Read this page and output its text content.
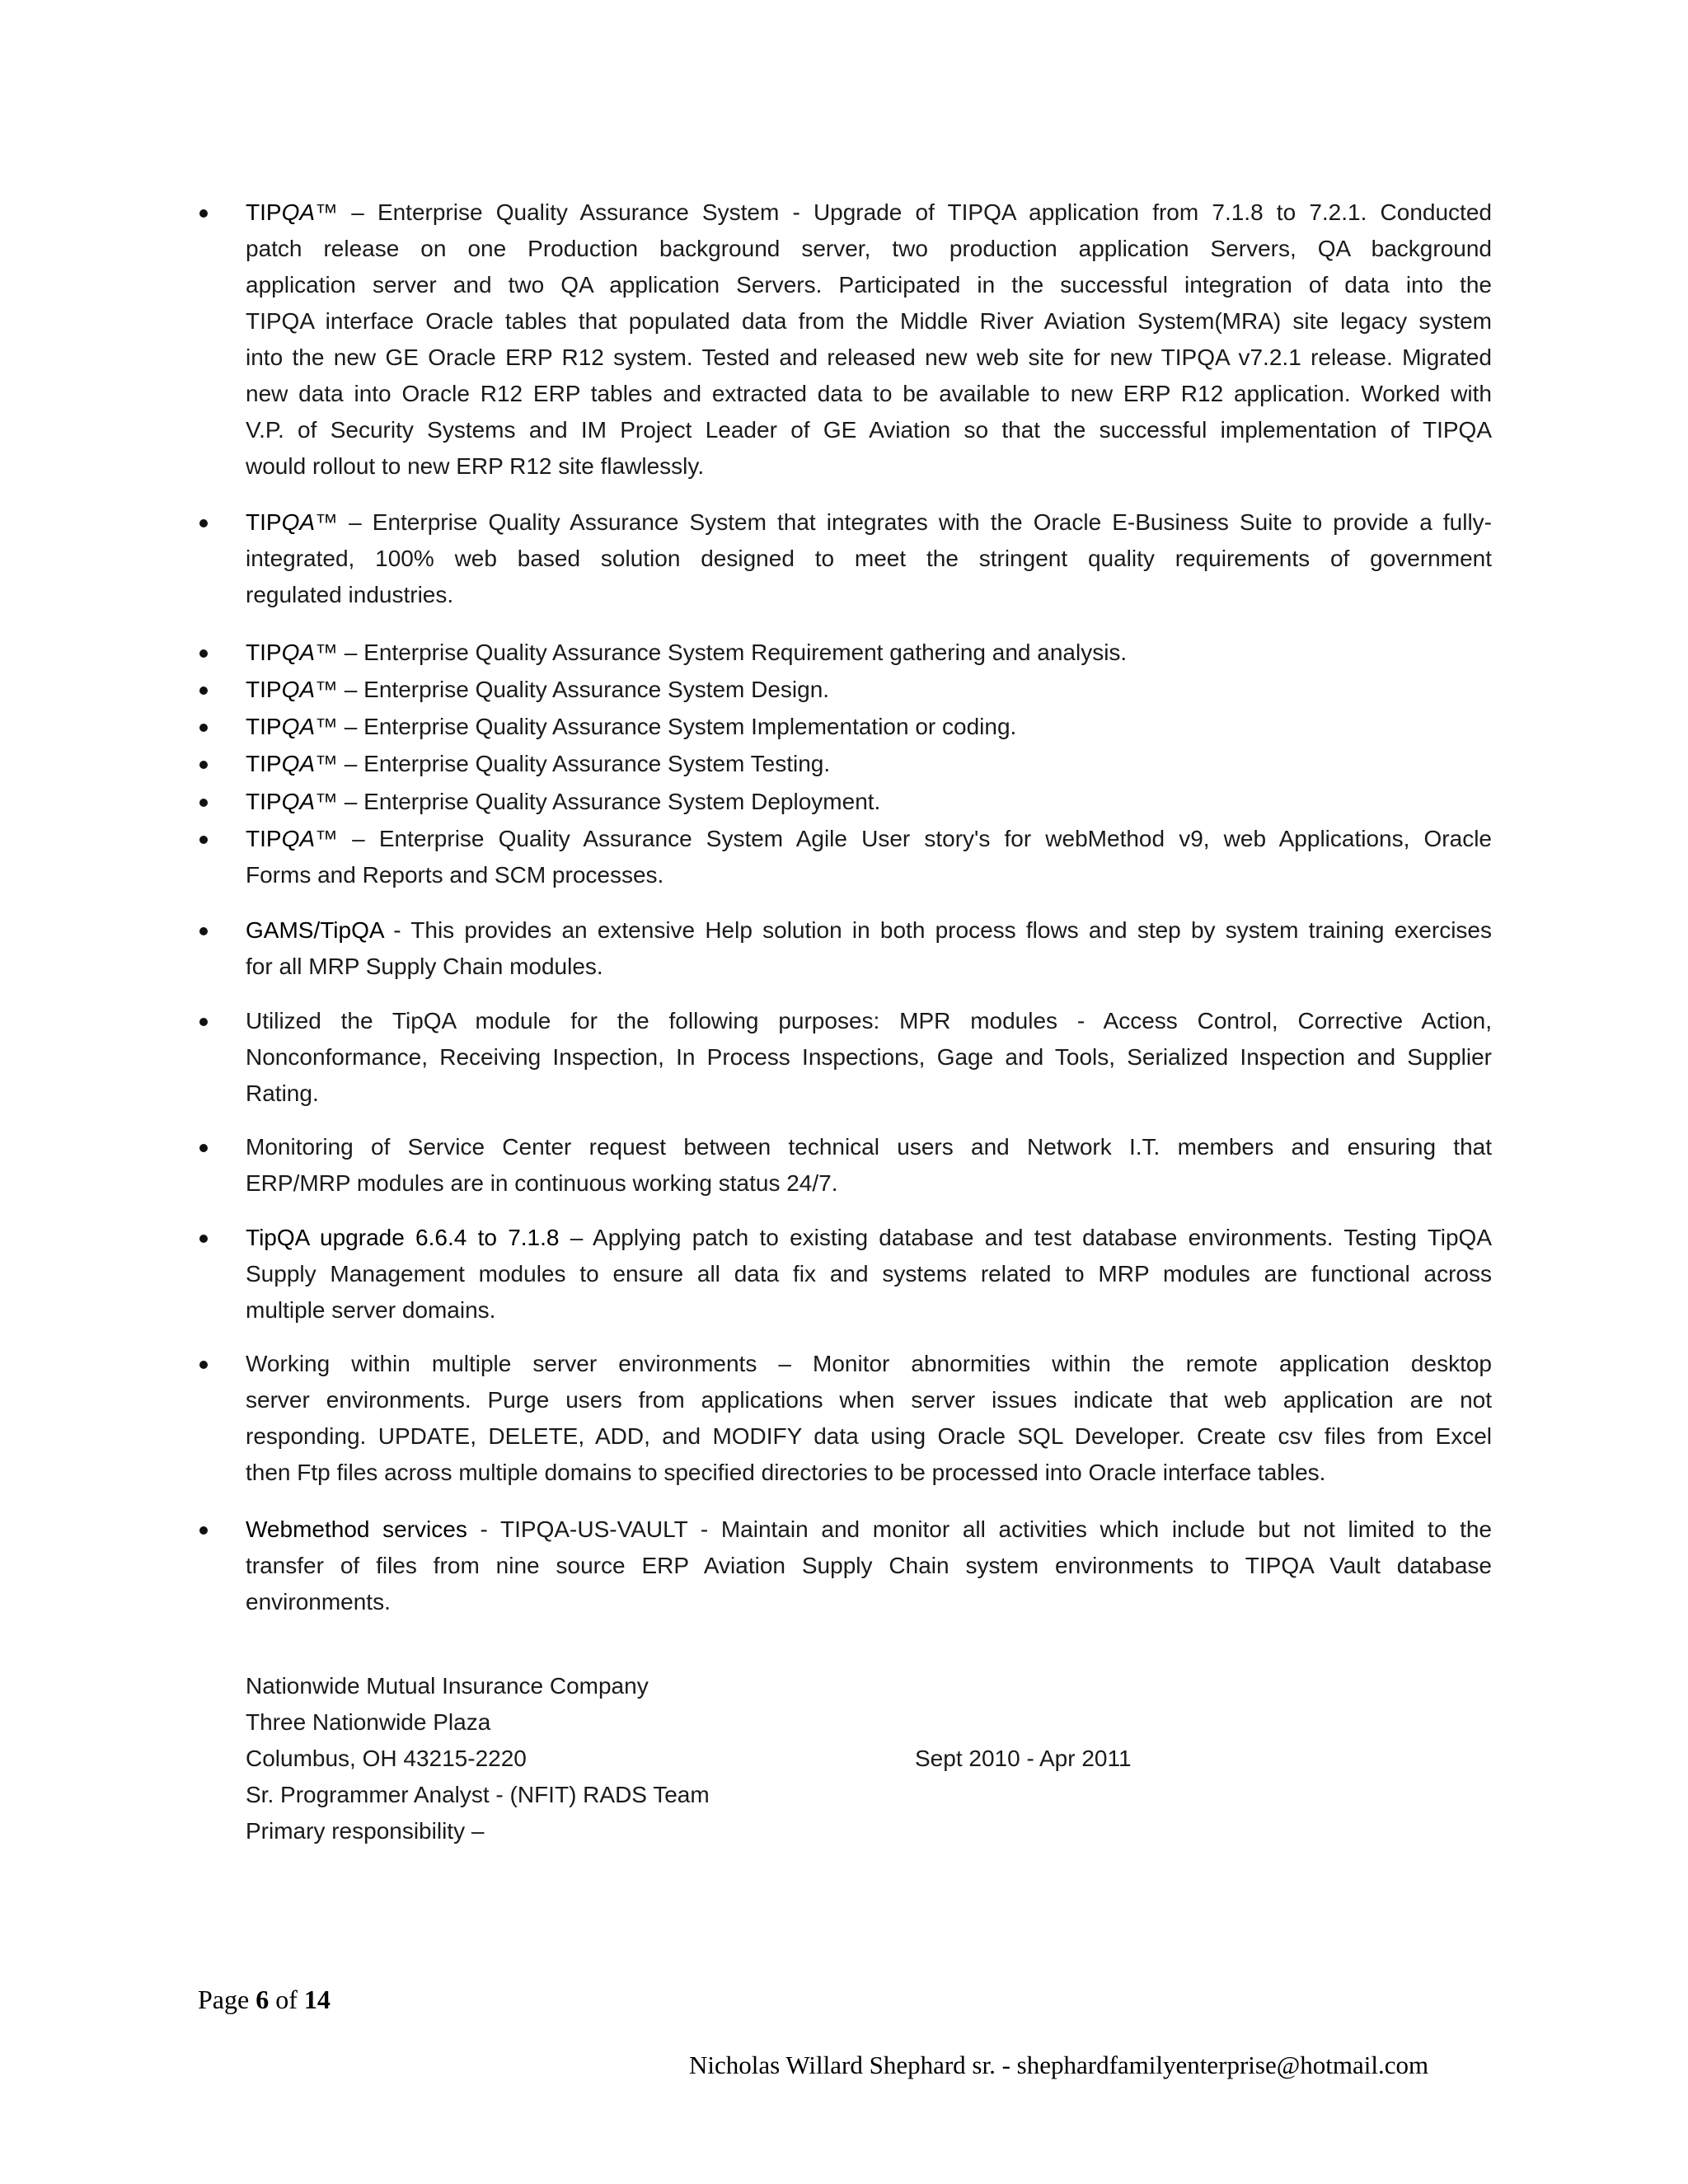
TIPQA™ – Enterprise Quality Assurance System - Upgrade of TIPQA application from 7.1.8 to 7.2.1. Conducted
patch release on one Production background server, two production application Servers, QA background
application server and two QA application Servers. Participated in the successful integration of data into the
TIPQA interface Oracle tables that populated data from the Middle River Aviation System(MRA) site legacy system
into the new GE Oracle ERP R12 system. Tested and released new web site for new TIPQA v7.2.1 release. Migrated
new data into Oracle R12 ERP tables and extracted data to be available to new ERP R12 application. Worked with
V.P. of Security Systems and IM Project Leader of GE Aviation so that the successful implementation of TIPQA
would rollout to new ERP R12 site flawlessly.
TIPQA™ – Enterprise Quality Assurance System that integrates with the Oracle E-Business Suite to provide a fully-
integrated, 100% web based solution designed to meet the stringent quality requirements of government
regulated industries.
TIPQA™ – Enterprise Quality Assurance System Requirement gathering and analysis.
TIPQA™ – Enterprise Quality Assurance System Design.
TIPQA™ – Enterprise Quality Assurance System Implementation or coding.
TIPQA™ – Enterprise Quality Assurance System Testing.
TIPQA™ – Enterprise Quality Assurance System Deployment.
TIPQA™ – Enterprise Quality Assurance System Agile User story's for webMethod v9, web Applications, Oracle
Forms and Reports and SCM processes.
GAMS/TipQA - This provides an extensive Help solution in both process flows and step by system training exercises
for all MRP Supply Chain modules.
Utilized the TipQA module for the following purposes: MPR modules - Access Control, Corrective Action,
Nonconformance, Receiving Inspection, In Process Inspections, Gage and Tools, Serialized Inspection and Supplier
Rating.
Monitoring of Service Center request between technical users and Network I.T. members and ensuring that
ERP/MRP modules are in continuous working status 24/7.
TipQA upgrade 6.6.4 to 7.1.8 – Applying patch to existing database and test database environments. Testing TipQA
Supply Management modules to ensure all data fix and systems related to MRP modules are functional across
multiple server domains.
Working within multiple server environments – Monitor abnormities within the remote application desktop
server environments. Purge users from applications when server issues indicate that web application are not
responding. UPDATE, DELETE, ADD, and MODIFY data using Oracle SQL Developer. Create csv files from Excel
then Ftp files across multiple domains to specified directories to be processed into Oracle interface tables.
Webmethod services - TIPQA-US-VAULT - Maintain and monitor all activities which include but not limited to the
transfer of files from nine source ERP Aviation Supply Chain system environments to TIPQA Vault database
environments.
Nationwide Mutual Insurance Company
Three Nationwide Plaza
Columbus, OH 43215-2220	Sept 2010 - Apr 2011
Sr. Programmer Analyst - (NFIT) RADS Team
Primary responsibility –
Page 6 of 14
Nicholas Willard Shephard sr. - shephardfamilyenterprise@hotmail.com
